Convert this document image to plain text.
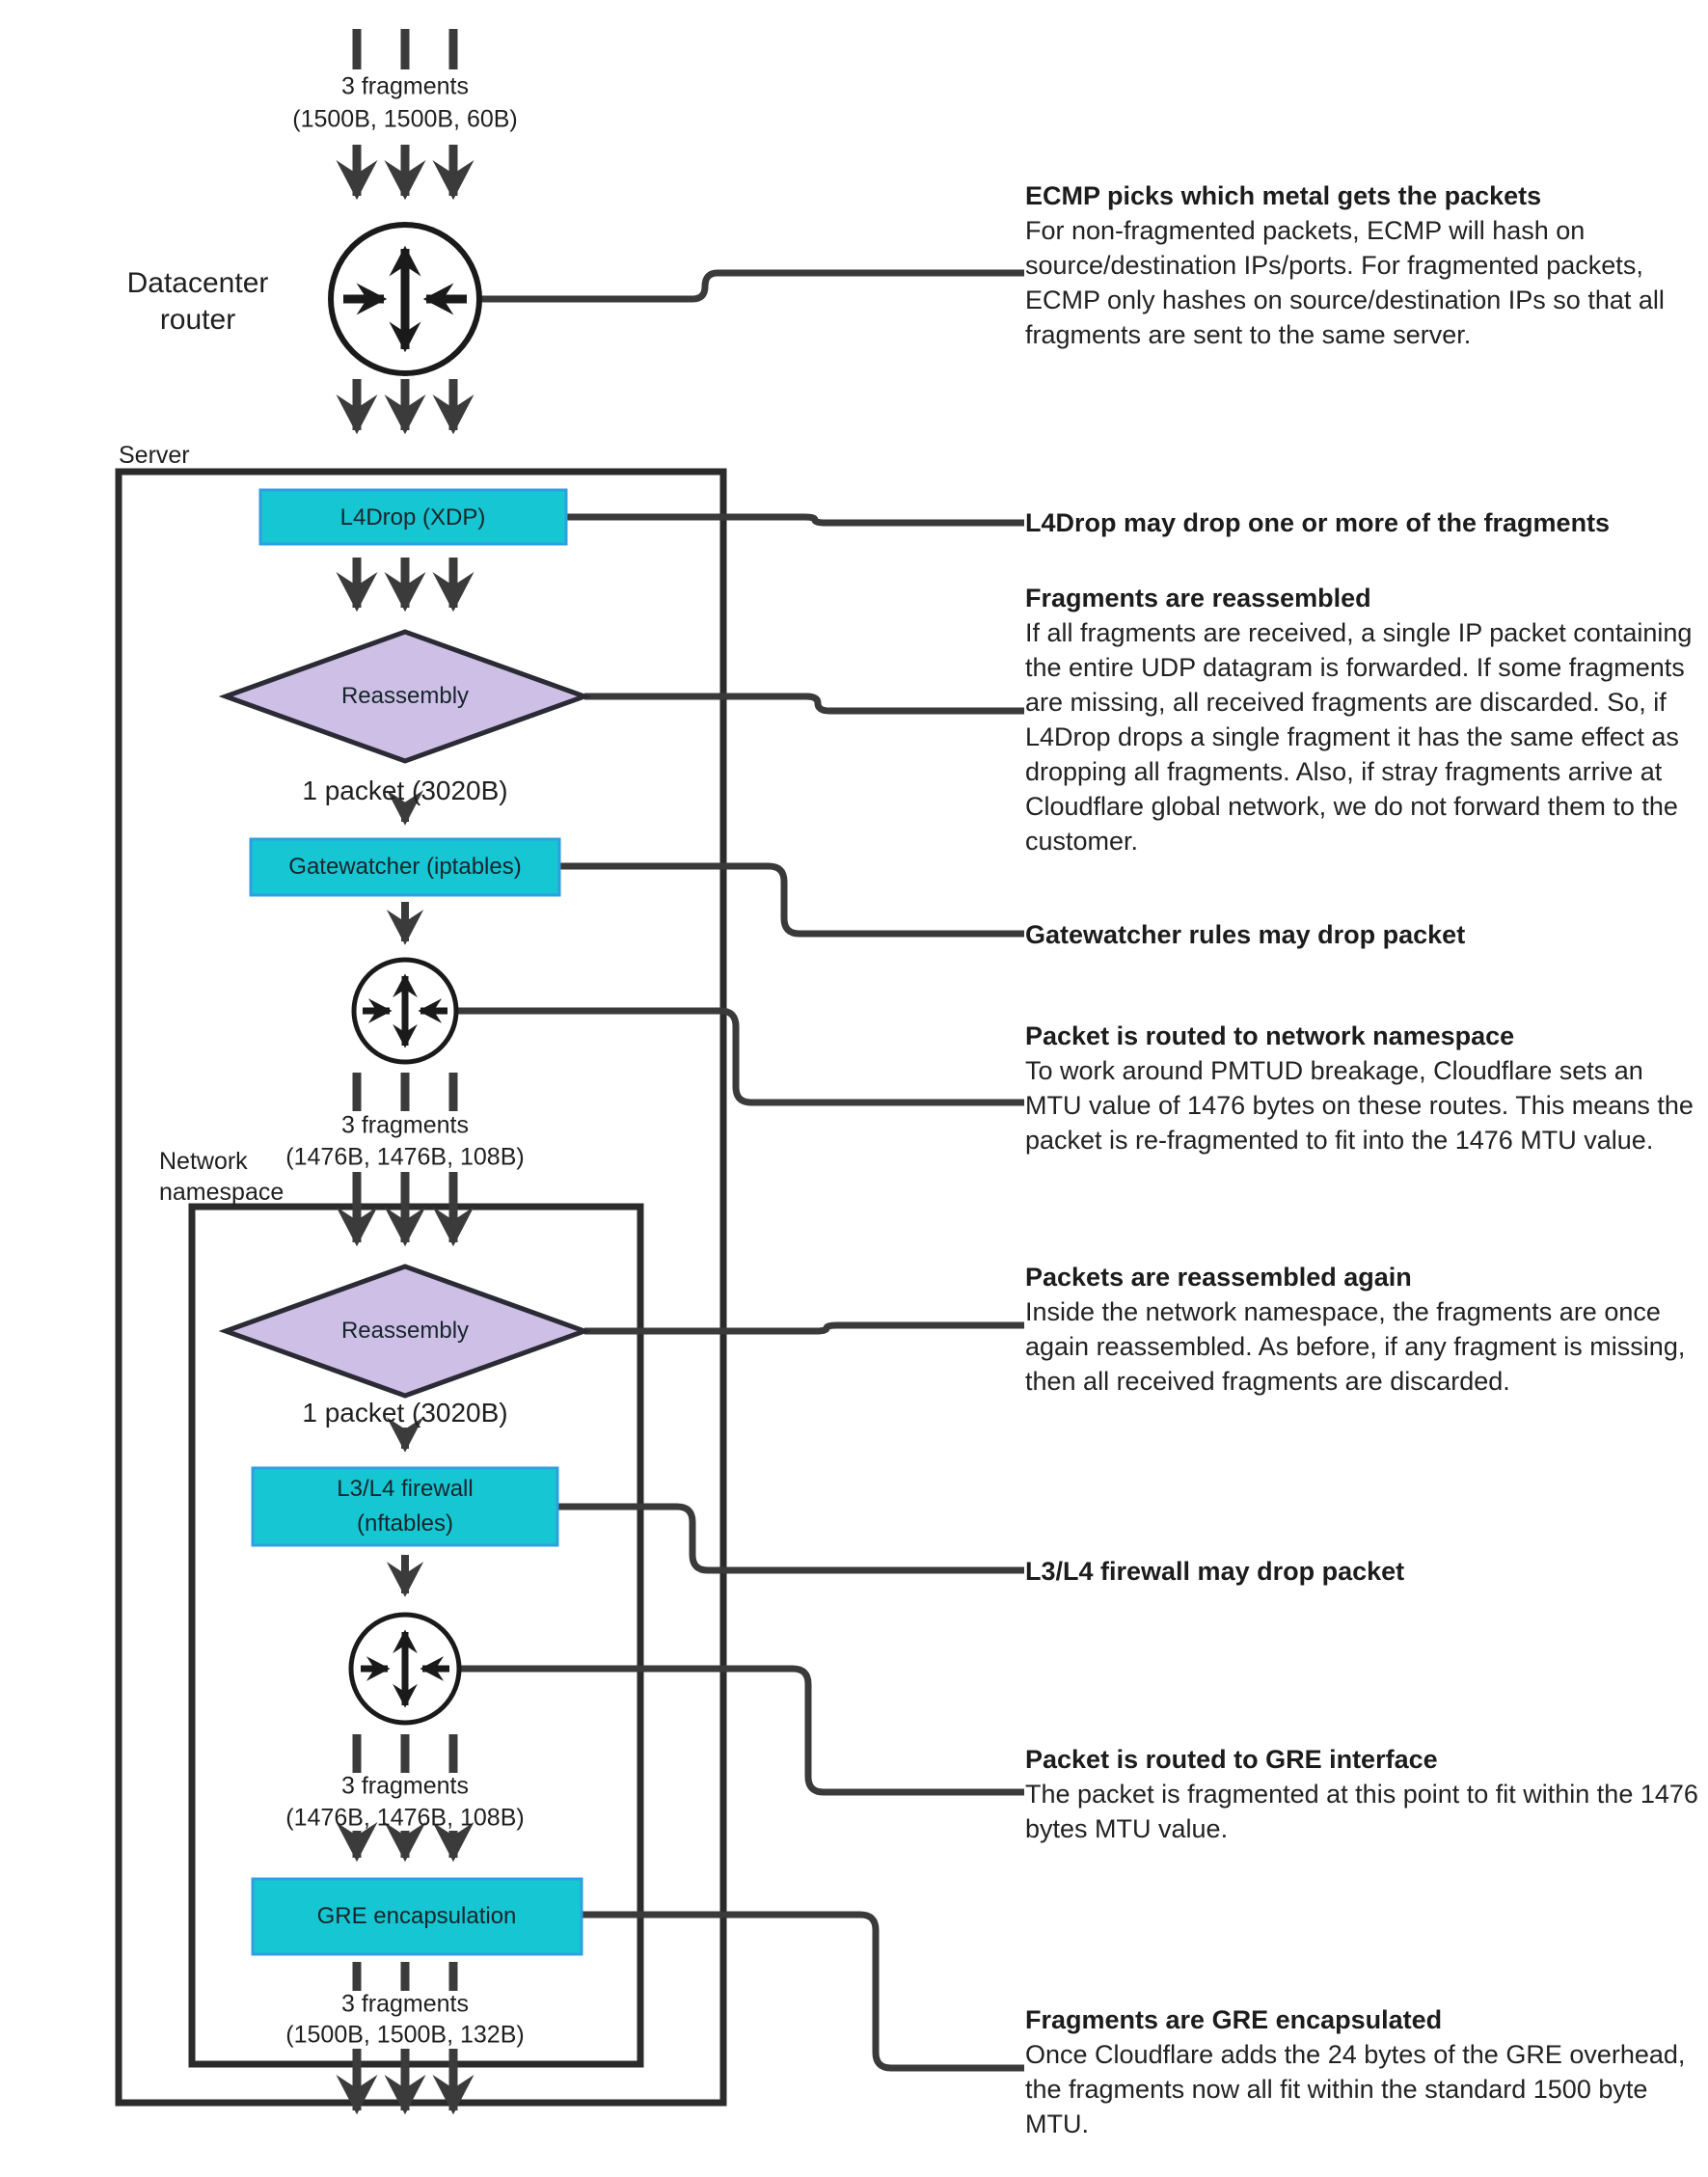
3 fragments
(1500B, 1500B, 60B)
Datacenter
router
Server
L4Drop (XDP)
Reassembly
1 packet (3020B)
Gatewatcher (iptables)
3 fragments
(1476B, 1476B, 108B)
Network
namespace
Reassembly
1 packet (3020B)
L3/L4 firewall
(nftables)
3 fragments
(1476B, 1476B, 108B)
GRE encapsulation
3 fragments
(1500B, 1500B, 132B)
ECMP picks which metal gets the packets

For non-fragmented packets, ECMP will hash on source/destination IPs/ports. For fragmented packets, ECMP only hashes on source/destination IPs so that all fragments are sent to the same server.

L4Drop may drop one or more of the fragments
Fragments are reassembled

If all fragments are received, a single IP packet containing the entire UDP datagram is forwarded. If some fragments are missing, all received fragments are discarded. So, if L4Drop drops a single fragment it has the same effect as dropping all fragments. Also, if stray fragments arrive at Cloudflare global network, we do not forward them to the customer.

Gatewatcher rules may drop packet
Packet is routed to network namespace

To work around PMTUD breakage, Cloudflare sets an MTU value of 1476 bytes on these routes. This means the packet is re-fragmented to fit into the 1476 MTU value.

Packets are reassembled again

Inside the network namespace, the fragments are once again reassembled. As before, if any fragment is missing, then all received fragments are discarded.

L3/L4 firewall may drop packet
Packet is routed to GRE interface

The packet is fragmented at this point to fit within the 1476 bytes MTU value.

Fragments are GRE encapsulated

Once Cloudflare adds the 24 bytes of the GRE overhead, the fragments now all fit within the standard 1500 byte MTU.
